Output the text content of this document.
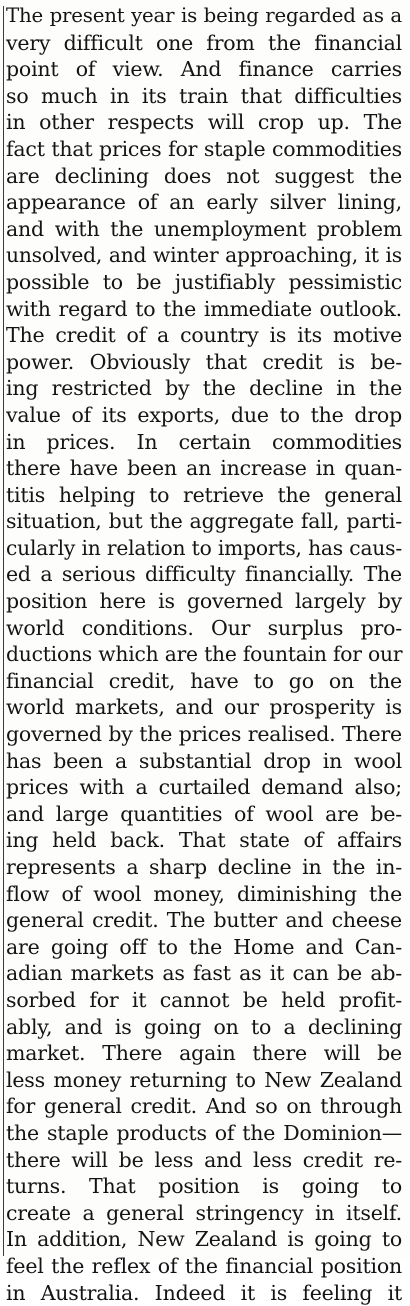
The present year is being regarded as a
very difficult one from the financial
point of view. And finance carries
so much in its train that difficulties
in other respects will crop up. The
fact that prices for staple commodities
are declining does not suggest the
appearance of an early silver lining,
and with the unemployment problem
unsolved, and winter approaching, it is
possible to be justifiably pessimistic
with regard to the immediate outlook.
The credit of a country is its motive
power. Obviously that credit is be-
ing restricted by the decline in the
value of its exports, due to the drop
in prices. In certain commodities
there have been an increase in quan-
titis helping to retrieve the general
situation, but the aggregate fall, parti-
cularly in relation to imports, has caus-
ed a serious difficulty financially. The
position here is governed largely by
world conditions. Our surplus pro-
ductions which are the fountain for our
financial credit, have to go on the
world markets, and our prosperity is
governed by the prices realised. There
has been a substantial drop in wool
prices with a curtailed demand also;
and large quantities of wool are be-
ing held back. That state of affairs
represents a sharp decline in the in-
flow of wool money, diminishing the
general credit. The butter and cheese
are going off to the Home and Can-
adian markets as fast as it can be ab-
sorbed for it cannot be held profit-
ably, and is going on to a declining
market. There again there will be
less money returning to New Zealand
for general credit. And so on through
the staple products of the Dominion—
there will be less and less credit re-
turns. That position is going to
create a general stringency in itself.
In addition, New Zealand is going to
feel the reflex of the financial position
in Australia. Indeed it is feeling it
